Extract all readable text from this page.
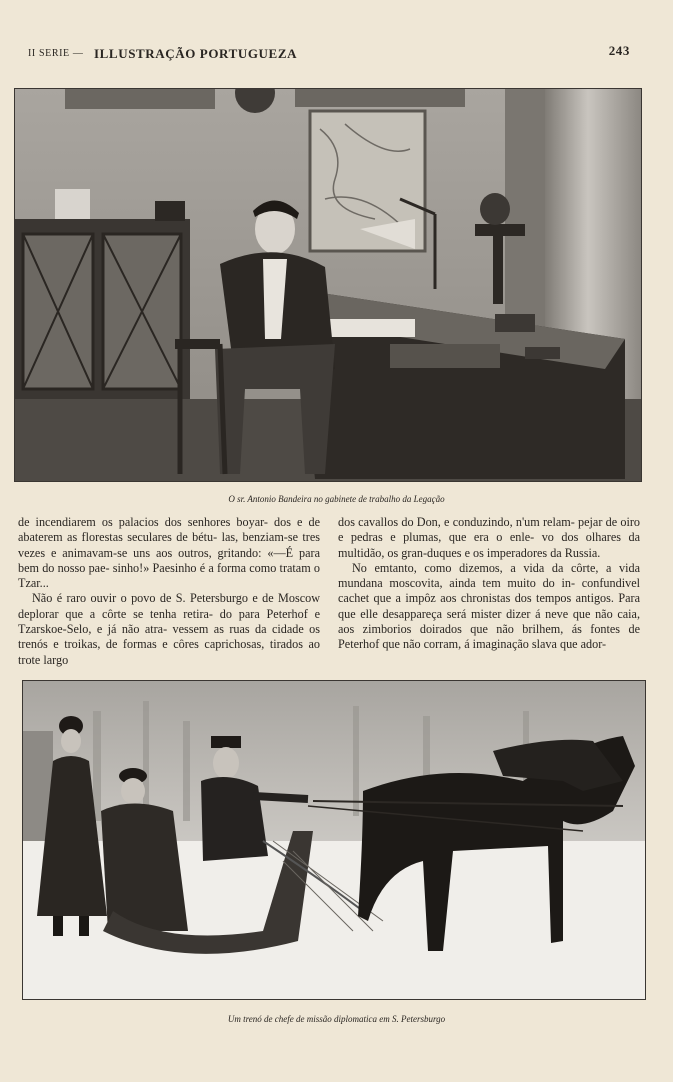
II SERIE — ILLUSTRAÇÃO PORTUGUEZA	243
O sr. Antonio Bandeira no gabinete de trabalho da Legação

de incendiarem os palacios dos senhores boyar- dos e de abaterem as florestas seculares de bétu- las, benziam-se tres vezes e animavam-se uns aos outros, gritando: «—É para bem do nosso pae- sinho!» Paesinho é a forma como tratam o Tzar...

Não é raro ouvir o povo de S. Petersburgo e de Moscow deplorar que a côrte se tenha retira- do para Peterhof e Tzarskoe-Selo, e já não atra- vessem as ruas da cidade os trenós e troikas, de formas e côres caprichosas, tirados ao trote largo

dos cavallos do Don, e conduzindo, n'um relam- pejar de oiro e pedras e plumas, que era o enle- vo dos olhares da multidão, os gran-duques e os imperadores da Russia.

No emtanto, como dizemos, a vida da côrte, a vida mundana moscovita, ainda tem muito do in- confundivel cachet que a impôz aos chronistas dos tempos antigos. Para que elle desappareça será mister dizer á neve que não caia, aos zimborios doirados que não brilhem, ás fontes de Peterhof que não corram, á imaginação slava que ador-

Um trenó de chefe de missão diplomatica em S. Petersburgo
